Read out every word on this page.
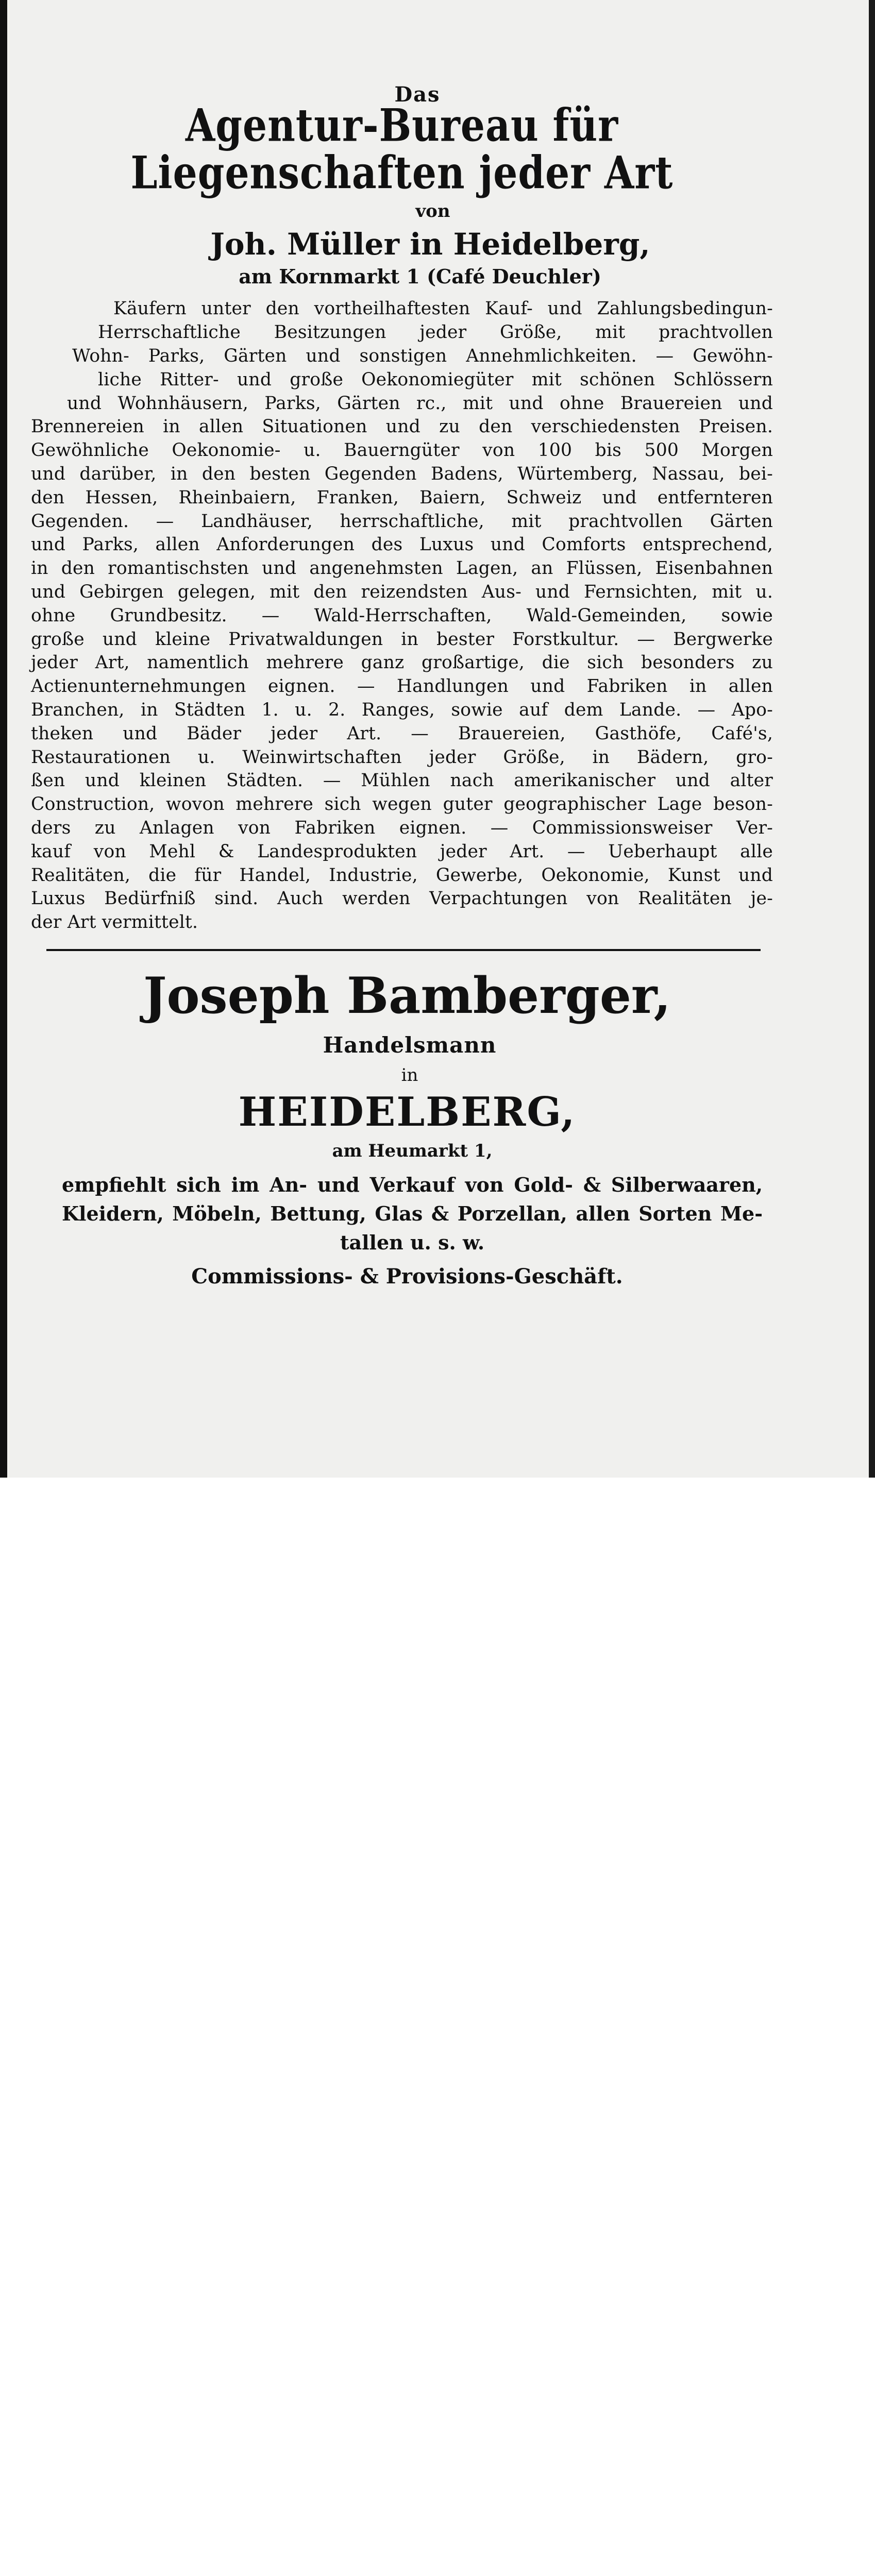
Das
Agentur-Bureau für Liegenschaften jeder Art
von
Joh. Müller in Heidelberg,
am Kornmarkt 1 (Café Deuchler)
Käufern unter den vortheilhaftesten Kauf- und Zahlungsbedingun-
Herrschaftliche Besitzungen jeder Größe, mit prachtvollen
Wohn- Parks, Gärten und sonstigen Annehmlichkeiten. — Gewöhn-
liche Ritter- und große Oekonomiegüter mit schönen Schlössern
und Wohnhäusern, Parks, Gärten rc., mit und ohne Brauereien und
Brennereien in allen Situationen und zu den verschiedensten Preisen.
Gewöhnliche Oekonomie- u. Bauerngüter von 100 bis 500 Morgen
und darüber, in den besten Gegenden Badens, Würtemberg, Nassau, bei-
den Hessen, Rheinbaiern, Franken, Baiern, Schweiz und entfernteren
Gegenden. — Landhäuser, herrschaftliche, mit prachtvollen Gärten
und Parks, allen Anforderungen des Luxus und Comforts entsprechend,
in den romantischsten und angenehmsten Lagen, an Flüssen, Eisenbahnen
und Gebirgen gelegen, mit den reizendsten Aus- und Fernsichten, mit u.
ohne Grundbesitz. — Wald-Herrschaften, Wald-Gemeinden, sowie
große und kleine Privatwaldungen in bester Forstkultur. — Bergwerke
jeder Art, namentlich mehrere ganz großartige, die sich besonders zu
Actienunternehmungen eignen. — Handlungen und Fabriken in allen
Branchen, in Städten 1. u. 2. Ranges, sowie auf dem Lande. — Apo-
theken und Bäder jeder Art. — Brauereien, Gasthöfe, Café's,
Restaurationen u. Weinwirtschaften jeder Größe, in Bädern, gro-
ßen und kleinen Städten. — Mühlen nach amerikanischer und alter
Construction, wovon mehrere sich wegen guter geographischer Lage beson-
ders zu Anlagen von Fabriken eignen. — Commissionsweiser Ver-
kauf von Mehl & Landesprodukten jeder Art. — Ueberhaupt alle
Realitäten, die für Handel, Industrie, Gewerbe, Oekonomie, Kunst und
Luxus Bedürfniß sind. Auch werden Verpachtungen von Realitäten je-
der Art vermittelt.
Joseph Bamberger,
Handelsmann
in
HEIDELBERG,
am Heumarkt 1,
empfiehlt sich im An- und Verkauf von Gold- & Silberwaaren,
Kleidern, Möbeln, Bettung, Glas & Porzellan, allen Sorten Me-
tallen u. s. w.
Commissions- & Provisions-Geschäft.
